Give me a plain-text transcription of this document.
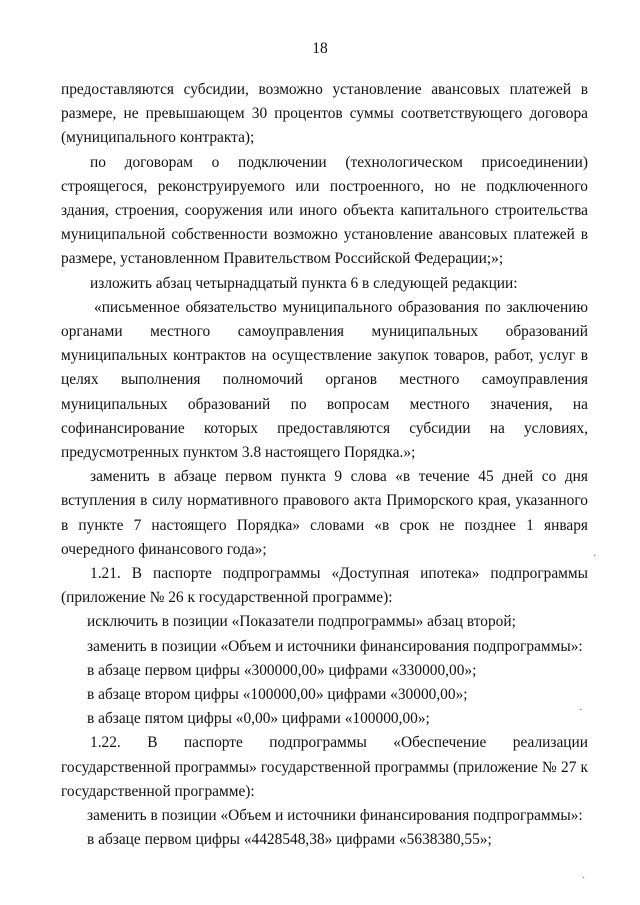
18

предоставляются субсидии, возможно установление авансовых платежей в размере, не превышающем 30 процентов суммы соответствующего договора (муниципального контракта);

по договорам о подключении (технологическом присоединении) строящегося, реконструируемого или построенного, но не подключенного здания, строения, сооружения или иного объекта капитального строительства муниципальной собственности возможно установление авансовых платежей в размере, установленном Правительством Российской Федерации;»;

изложить абзац четырнадцатый пункта 6 в следующей редакции:

«письменное обязательство муниципального образования по заключению органами местного самоуправления муниципальных образований муниципальных контрактов на осуществление закупок товаров, работ, услуг в целях выполнения полномочий органов местного самоуправления муниципальных образований по вопросам местного значения, на софинансирование которых предоставляются субсидии на условиях, предусмотренных пунктом 3.8 настоящего Порядка.»;

заменить в абзаце первом пункта 9 слова «в течение 45 дней со дня вступления в силу нормативного правового акта Приморского края, указанного в пункте 7 настоящего Порядка» словами «в срок не позднее 1 января очередного финансового года»;

1.21. В паспорте подпрограммы «Доступная ипотека» подпрограммы (приложение № 26 к государственной программе):

исключить в позиции «Показатели подпрограммы» абзац второй;

заменить в позиции «Объем и источники финансирования подпрограммы»:

в абзаце первом цифры «300000,00» цифрами «330000,00»;

в абзаце втором цифры «100000,00» цифрами «30000,00»;

в абзаце пятом цифры «0,00» цифрами «100000,00»;

1.22. В паспорте подпрограммы «Обеспечение реализации государственной программы» государственной программы (приложение № 27 к государственной программе):

заменить в позиции «Объем и источники финансирования подпрограммы»:

в абзаце первом цифры «4428548,38» цифрами «5638380,55»;

·
·
·
